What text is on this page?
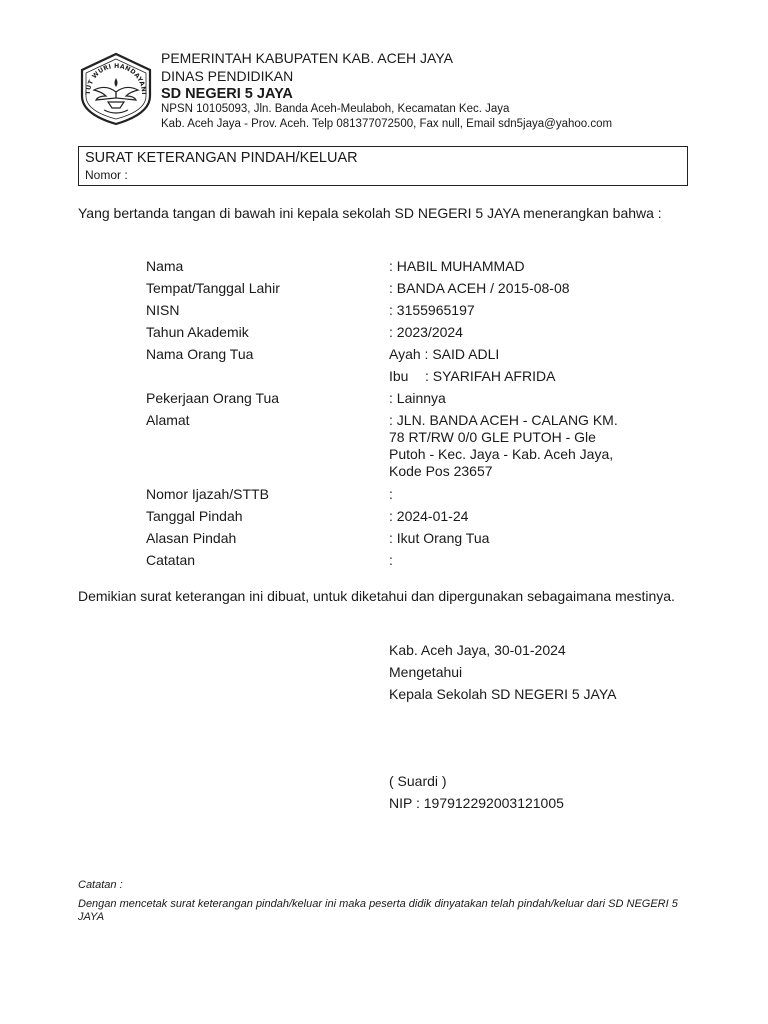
TUT WURI HANDAYANI
PEMERINTAH KABUPATEN KAB. ACEH JAYA
DINAS PENDIDIKAN
SD NEGERI 5 JAYA
NPSN 10105093, Jln. Banda Aceh-Meulaboh, Kecamatan Kec. Jaya
Kab. Aceh Jaya - Prov. Aceh. Telp 081377072500, Fax null, Email sdn5jaya@yahoo.com
SURAT KETERANGAN PINDAH/KELUAR
Nomor :
Yang bertanda tangan di bawah ini kepala sekolah SD NEGERI 5 JAYA menerangkan bahwa :
Nama	: HABIL MUHAMMAD
Tempat/Tanggal Lahir	: BANDA ACEH / 2015-08-08
NISN	: 3155965197
Tahun Akademik	: 2023/2024
Nama Orang Tua	Ayah : SAID ADLI
Ibu : SYARIFAH AFRIDA
Pekerjaan Orang Tua	: Lainnya
Alamat	: JLN. BANDA ACEH - CALANG KM. 78 RT/RW 0/0 GLE PUTOH - Gle Putoh - Kec. Jaya - Kab. Aceh Jaya, Kode Pos 23657
Nomor Ijazah/STTB	:
Tanggal Pindah	: 2024-01-24
Alasan Pindah	: Ikut Orang Tua
Catatan	:
Demikian surat keterangan ini dibuat, untuk diketahui dan dipergunakan sebagaimana mestinya.
Kab. Aceh Jaya, 30-01-2024
Mengetahui
Kepala Sekolah SD NEGERI 5 JAYA
( Suardi )
NIP : 197912292003121005
Catatan :
Dengan mencetak surat keterangan pindah/keluar ini maka peserta didik dinyatakan telah pindah/keluar dari SD NEGERI 5 JAYA
